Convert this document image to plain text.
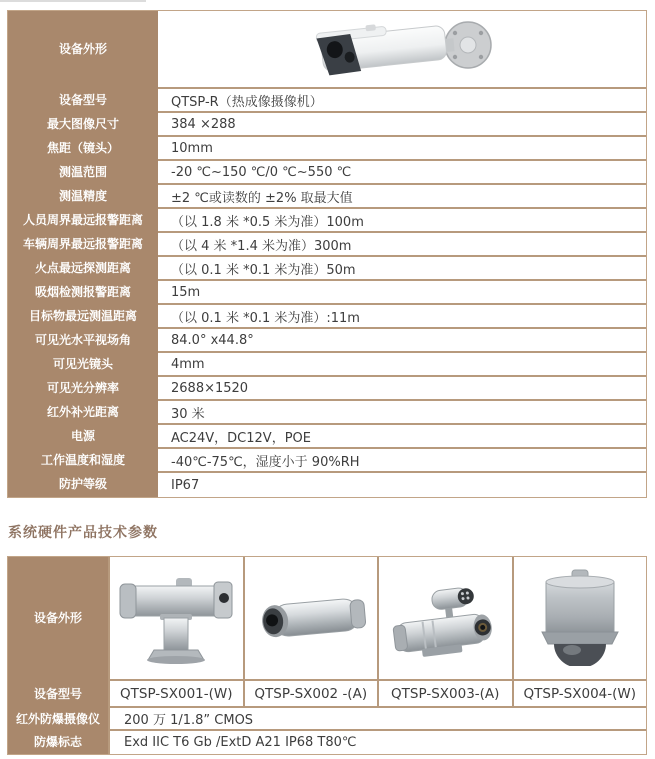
设备外形
设备型号	QTSP-R（热成像摄像机）
最大图像尺寸	384 ×288
焦距（镜头）	10mm
测温范围	-20 ℃~150 ℃/0 ℃~550 ℃
测温精度	±2 ℃或读数的 ±2% 取最大值
人员周界最远报警距离	（以 1.8 米 *0.5 米为准）100m
车辆周界最远报警距离	（以 4 米 *1.4 米为准）300m
火点最远探测距离	（以 0.1 米 *0.1 米为准）50m
吸烟检测报警距离	15m
目标物最远测温距离	（以 0.1 米 *0.1 米为准）:11m
可见光水平视场角	84.0° x44.8°
可见光镜头	4mm
可见光分辨率	2688×1520
红外补光距离	30 米
电源	AC24V，DC12V，POE
工作温度和湿度	-40℃-75℃，湿度小于 90%RH
防护等级	IP67
系统硬件产品技术参数
设备外形
设备型号	QTSP-SX001-(W)	QTSP-SX002 -(A)	QTSP-SX003-(A)	QTSP-SX004-(W)
红外防爆摄像仪	200 万 1/1.8” CMOS
防爆标志	Exd IIC T6 Gb /ExtD A21 IP68 T80℃
